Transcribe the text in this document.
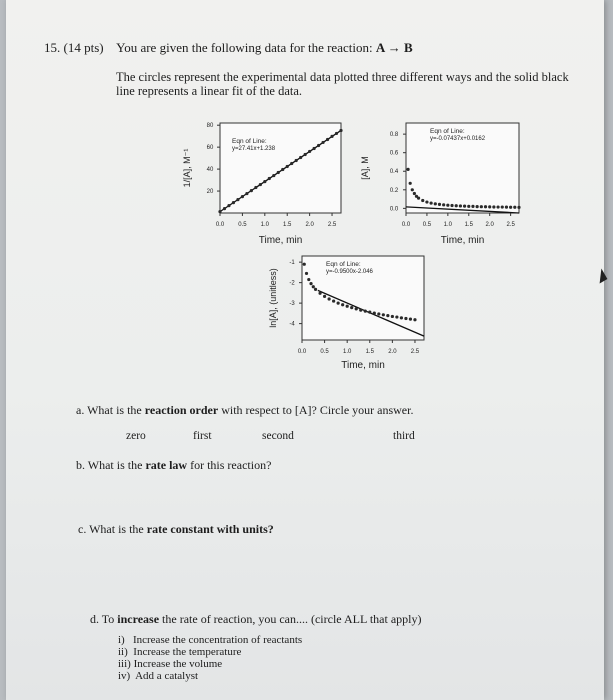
15. (14 pts) You are given the following data for the reaction: A → B
The circles represent the experimental data plotted three different ways and the solid black line represents a linear fit of the data.
20
40
60
80
0.0 0.5 1.0 1.5 2.0 2.5
Time, min
1/[A], M⁻¹
Eqn of Line:
y=27.41x+1.238
0.0
0.2
0.4
0.6
0.8
0.0 0.5 1.0 1.5 2.0 2.5
Time, min
[A], M
Eqn of Line:
y=-0.07437x+0.0162
-1
-2
-3
-4
0.0 0.5 1.0 1.5 2.0 2.5
Time, min
ln[A], (unitless)
Eqn of Line:
y=-0.9500x-2.046
a. What is the reaction order with respect to [A]? Circle your answer.
zero	first	second	third
b. What is the rate law for this reaction?
c. What is the rate constant with units?
d. To increase the rate of reaction, you can.... (circle ALL that apply)
i)   Increase the concentration of reactants
ii)  Increase the temperature
iii) Increase the volume
iv)  Add a catalyst
